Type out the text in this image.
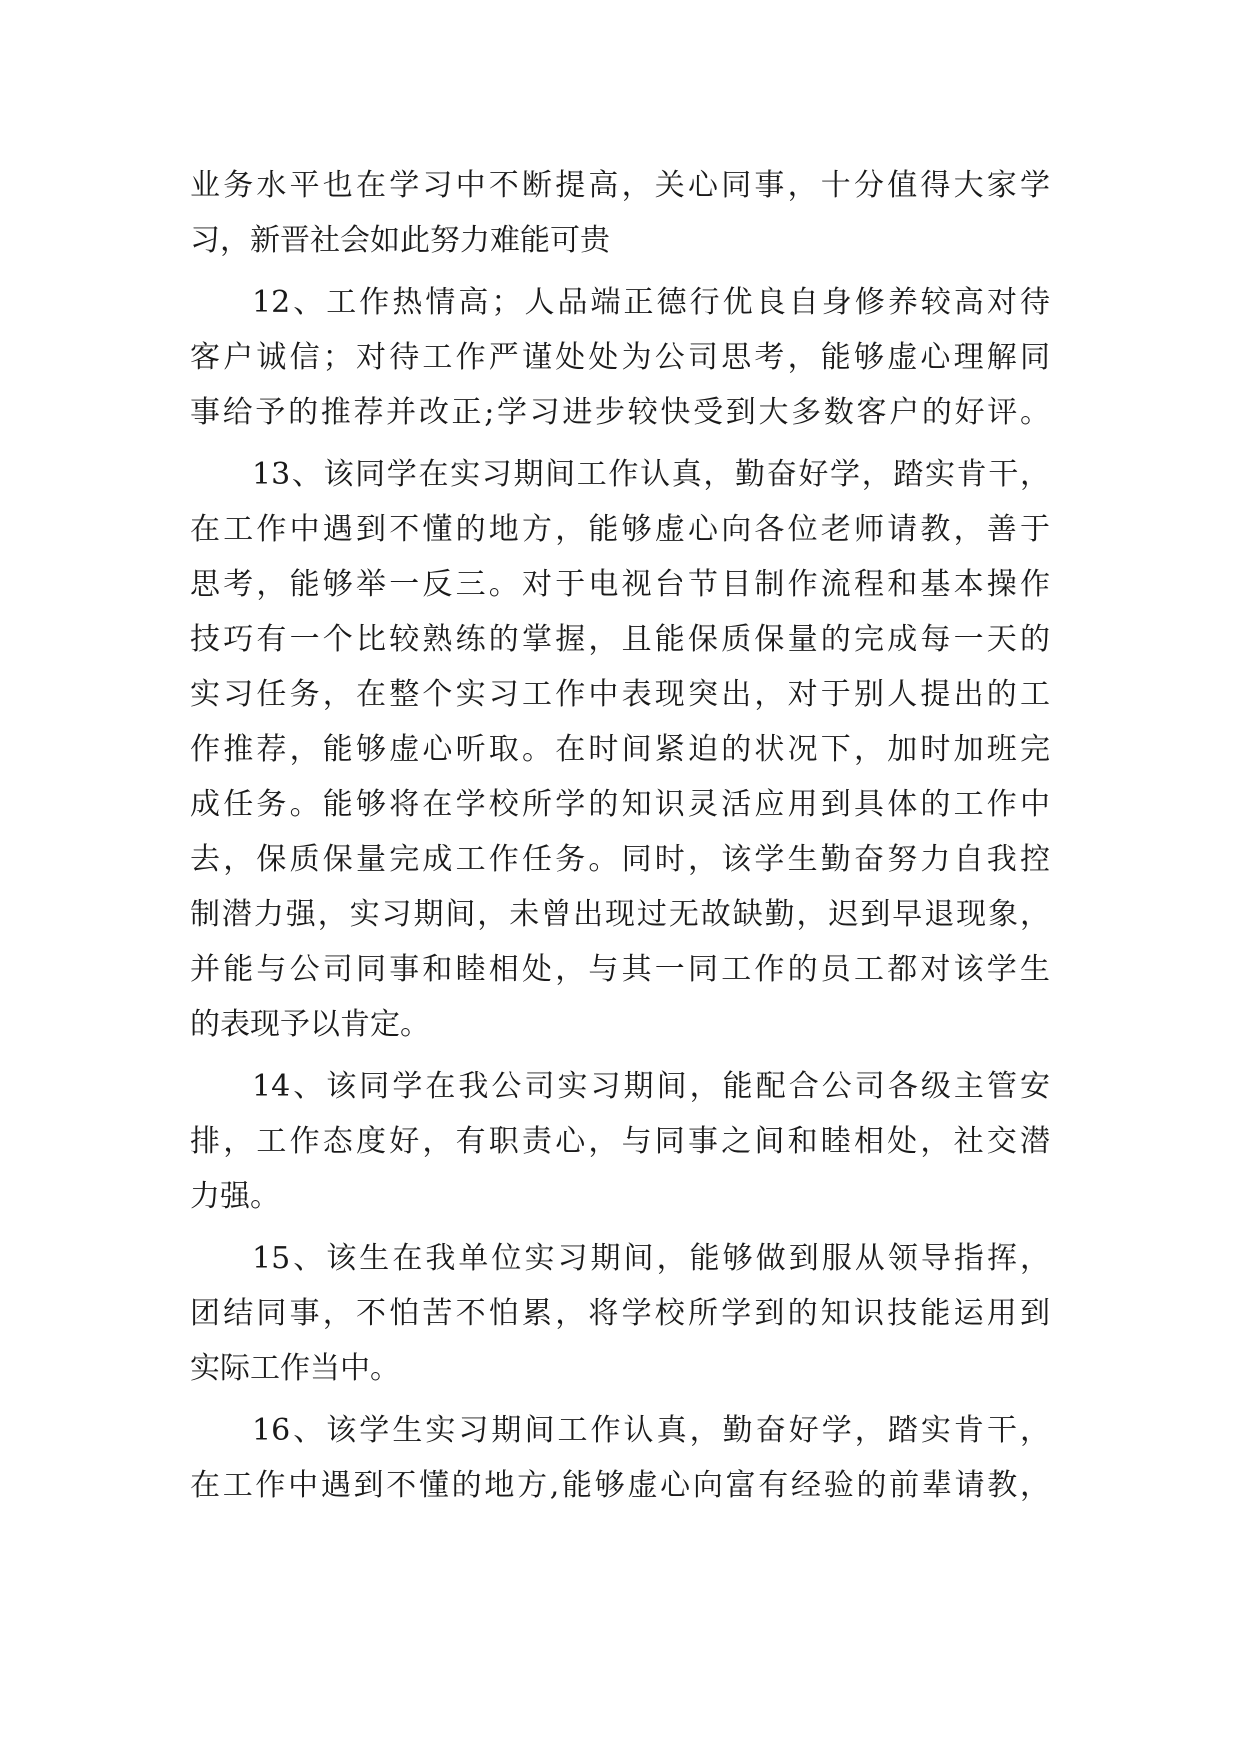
业务水平也在学习中不断提高，关心同事，十分值得大家学
习，新晋社会如此努力难能可贵
12、工作热情高；人品端正德行优良自身修养较高对待
客户诚信；对待工作严谨处处为公司思考，能够虚心理解同
事给予的推荐并改正;学习进步较快受到大多数客户的好评。
13、该同学在实习期间工作认真，勤奋好学，踏实肯干，
在工作中遇到不懂的地方，能够虚心向各位老师请教，善于
思考，能够举一反三。对于电视台节目制作流程和基本操作
技巧有一个比较熟练的掌握，且能保质保量的完成每一天的
实习任务，在整个实习工作中表现突出，对于别人提出的工
作推荐，能够虚心听取。在时间紧迫的状况下，加时加班完
成任务。能够将在学校所学的知识灵活应用到具体的工作中
去，保质保量完成工作任务。同时，该学生勤奋努力自我控
制潜力强，实习期间，未曾出现过无故缺勤，迟到早退现象，
并能与公司同事和睦相处，与其一同工作的员工都对该学生
的表现予以肯定。
14、该同学在我公司实习期间，能配合公司各级主管安
排，工作态度好，有职责心，与同事之间和睦相处，社交潜
力强。
15、该生在我单位实习期间，能够做到服从领导指挥，
团结同事，不怕苦不怕累，将学校所学到的知识技能运用到
实际工作当中。
16、该学生实习期间工作认真，勤奋好学，踏实肯干，
在工作中遇到不懂的地方,能够虚心向富有经验的前辈请教，
